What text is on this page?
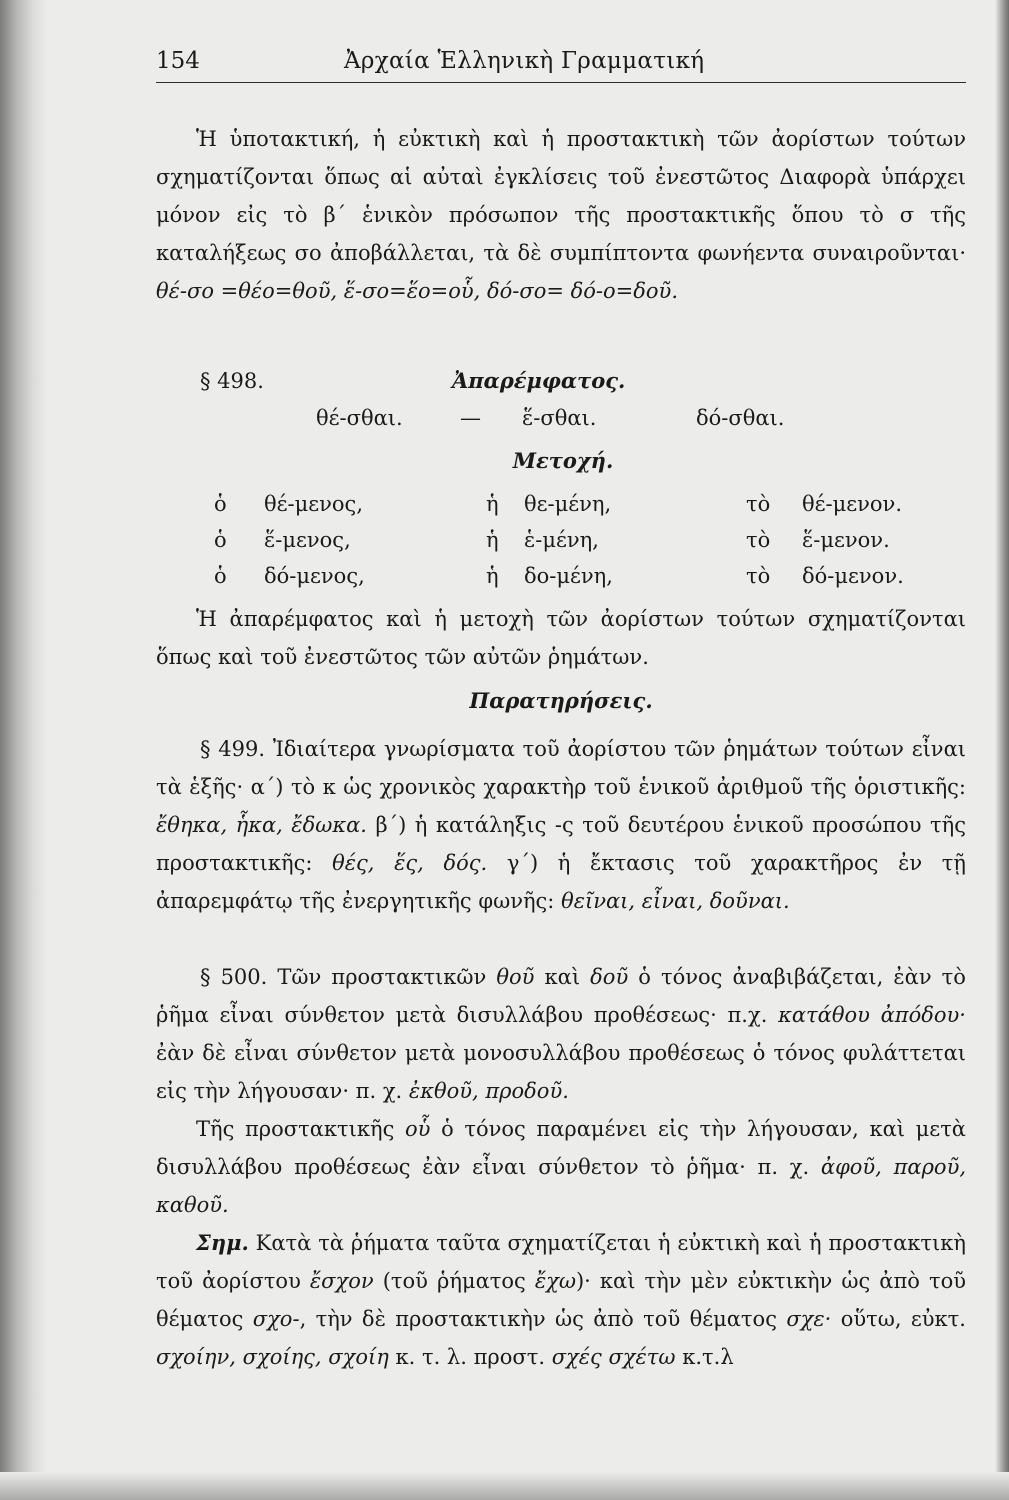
154	Ἀρχαία Ἑλληνικὴ Γραμματική

Ἡ ὑποτακτική, ἡ εὐκτικὴ καὶ ἡ προστακτικὴ τῶν ἀορίστων τούτων σχηματίζονται ὅπως αἱ αὐταὶ ἐγκλίσεις τοῦ ἐνεστῶτος Διαφορὰ ὑπάρχει μόνον εἰς τὸ β΄ ἑνικὸν πρόσωπον τῆς προστακτικῆς ὅπου τὸ σ τῆς καταλήξεως σο ἀποβάλλεται, τὰ δὲ συμπίπτοντα φωνήεντα συναιροῦνται· θέ-σο =θέο=θοῦ, ἕ-σο=ἕο=οὗ, δό-σο= δό-ο=δοῦ.

§ 498.	Ἀπαρέμφατος.
θέ-σθαι.	— ἕ-σθαι.	δό-σθαι.
Μετοχή.
ὁ θέ-μενος,	ἡ θε-μένη,	τὸ θέ-μενον.
ὁ ἕ-μενος,	ἡ ἑ-μένη,	τὸ ἕ-μενον.
ὁ δό-μενος,	ἡ δο-μένη,	τὸ δό-μενον.

Ἡ ἀπαρέμφατος καὶ ἡ μετοχὴ τῶν ἀορίστων τούτων σχηματίζονται ὅπως καὶ τοῦ ἐνεστῶτος τῶν αὐτῶν ῥημάτων.

Παρατηρήσεις.

§ 499. Ἰδιαίτερα γνωρίσματα τοῦ ἀορίστου τῶν ῥημάτων τούτων εἶναι τὰ ἑξῆς· α΄) τὸ κ ὡς χρονικὸς χαρακτὴρ τοῦ ἑνικοῦ ἀριθμοῦ τῆς ὁριστικῆς: ἔθηκα, ἧκα, ἔδωκα. β΄) ἡ κατάληξις -ς τοῦ δευτέρου ἑνικοῦ προσώπου τῆς προστακτικῆς: θές, ἕς, δός. γ΄) ἡ ἔκτασις τοῦ χαρακτῆρος ἐν τῇ ἀπαρεμφάτῳ τῆς ἐνεργητικῆς φωνῆς: θεῖναι, εἶναι, δοῦναι.

§ 500. Τῶν προστακτικῶν θοῦ καὶ δοῦ ὁ τόνος ἀναβιβάζεται, ἐὰν τὸ ῥῆμα εἶναι σύνθετον μετὰ δισυλλάβου προθέσεως· π.χ. κατάθου ἀπόδου· ἐὰν δὲ εἶναι σύνθετον μετὰ μονοσυλλάβου προθέσεως ὁ τόνος φυλάττεται εἰς τὴν λήγουσαν· π. χ. ἐκθοῦ, προδοῦ.

Τῆς προστακτικῆς οὗ ὁ τόνος παραμένει εἰς τὴν λήγουσαν, καὶ μετὰ δισυλλάβου προθέσεως ἐὰν εἶναι σύνθετον τὸ ῥῆμα· π. χ. ἀφοῦ, παροῦ, καθοῦ.

Σημ. Κατὰ τὰ ῥήματα ταῦτα σχηματίζεται ἡ εὐκτικὴ καὶ ἡ προστακτικὴ τοῦ ἀορίστου ἔσχον (τοῦ ῥήματος ἔχω)· καὶ τὴν μὲν εὐκτικὴν ὡς ἀπὸ τοῦ θέματος σχο-, τὴν δὲ προστακτικὴν ὡς ἀπὸ τοῦ θέματος σχε· οὕτω, εὐκτ. σχοίην, σχοίης, σχοίη κ. τ. λ. προστ. σχές σχέτω κ.τ.λ
